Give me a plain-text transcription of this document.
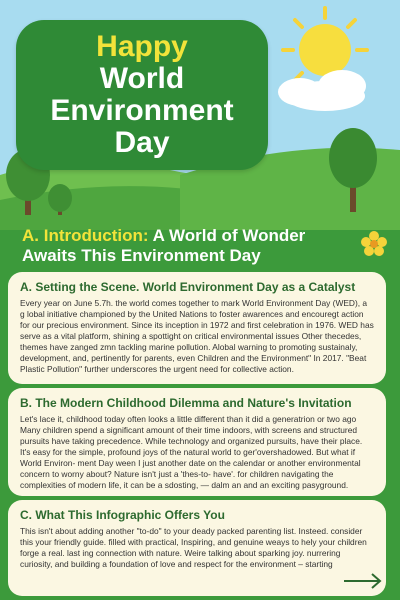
Happy
World
Environment
Day
A. Introduction: A World of Wonder Awaits This Environment Day
A. Setting the Scene. World Environment Day as a Catalyst

Every year on June 5.7h. the world comes together to mark World Environment Day (WED), a g lobal initiative championed by the United Nations to foster awarences and encouregt action for our precious environment. Since its inception in 1972 and first celebration in 1976. WED has serve as a vital platform, shining a spottight on critical environmental issues Other thecedes, themes have zanged zmn tackling marine pollution. Alobal warning to promoting sustainaly, development, and, pertinently for parents, even Children and the Environment" In 2017. "Beat Plastic Pollution" further underscores the urgent need for collective action.

B. The Modern Childhood Dilemma and Nature's Invitation

Let's lace it, childhood today often looks a little different than it did a generatrion or two ago Many children spend a significant amount of their time indoors, with screens and structured pursuits have taking precedence. While technology and organized pursuits, have their place. It's easy for the simple, profound joys of the natural world to ger'overshadowed. But what if World Environ- ment Day ween I just another date on the calendar or another environmental concern to worny about? Nature isn't just a 'thes-to- have'. for children navigating the complexities of modern life, it can be a sdosting, — dalm an and an exciting pasyground.

C. What This Infographic Offers You

This isn't about adding another "to-do" to your deady packed parenting list. Insteed. consider this your friendly guide. filled with practical, Inspiring, and genuine weays to hely your children forge a real. last ing connection with nature. Weire talking about sparking joy. nurrering curiosity, and building a foundation of love and respect for the environment – starting
